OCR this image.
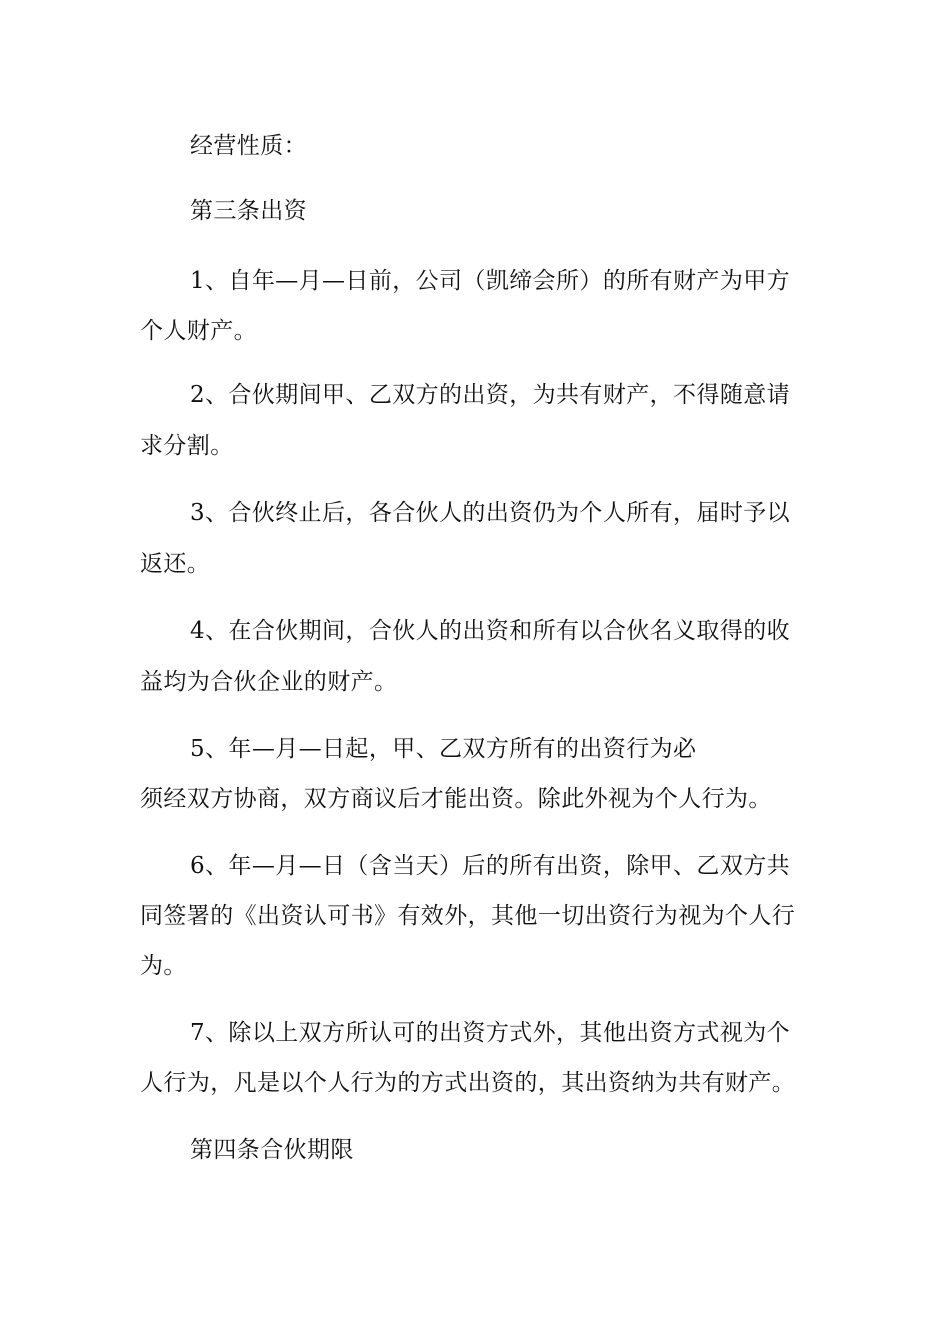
经营性质：
第三条出资
1、自年—月—日前，公司（凯缔会所）的所有财产为甲方
个人财产。
2、合伙期间甲、乙双方的出资，为共有财产，不得随意请
求分割。
3、合伙终止后，各合伙人的出资仍为个人所有，届时予以
返还。
4、在合伙期间，合伙人的出资和所有以合伙名义取得的收
益均为合伙企业的财产。
5、年—月—日起，甲、乙双方所有的出资行为必
须经双方协商，双方商议后才能出资。除此外视为个人行为。
6、年—月—日（含当天）后的所有出资，除甲、乙双方共
同签署的《出资认可书》有效外，其他一切出资行为视为个人行
为。
7、除以上双方所认可的出资方式外，其他出资方式视为个
人行为，凡是以个人行为的方式出资的，其出资纳为共有财产。
第四条合伙期限
